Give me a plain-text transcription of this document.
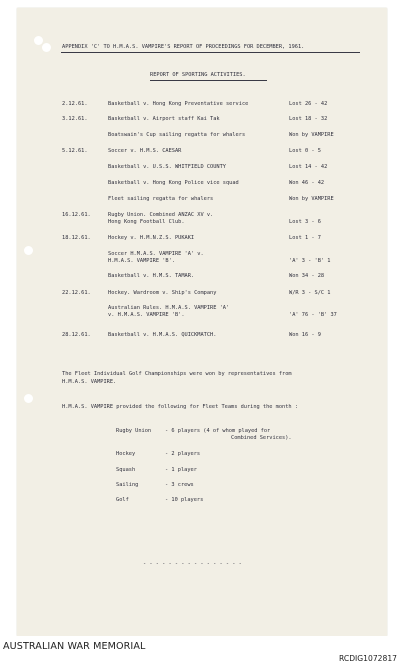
APPENDIX 'C' TO H.M.A.S. VAMPIRE'S REPORT OF PROCEEDINGS FOR DECEMBER, 1961.
REPORT OF SPORTING ACTIVITIES.
2.12.61.	Basketball v. Hong Kong Preventative service	Lost 26 - 42
3.12.61.	Basketball v. Airport staff Kai Tak	Lost 18 - 32
Boatswain's Cup sailing regatta for whalers	Won by VAMPIRE
5.12.61.	Soccer v. H.M.S. CAESAR	Lost 0 - 5
Basketball v. U.S.S. WHITFIELD COUNTY	Lost 14 - 42
Basketball v. Hong Kong Police vice squad	Won 46 - 42
Fleet sailing regatta for whalers	Won by VAMPIRE
16.12.61.	Rugby Union. Combined ANZAC XV v.
Hong Kong Football Club.	Lost 3 - 6
18.12.61.	Hockey v. H.M.N.Z.S. PUKAKI	Lost 1 - 7
Soccer H.M.A.S. VAMPIRE 'A' v.
H.M.A.S. VAMPIRE 'B'.	'A' 3 - 'B' 1
Basketball v. H.M.S. TAMAR.	Won 34 - 28
22.12.61.	Hockey. Wardroom v. Ship's Company	W/R 3 - S/C 1
Australian Rules. H.M.A.S. VAMPIRE 'A'
v. H.M.A.S. VAMPIRE 'B'.	'A' 76 - 'B' 37
28.12.61.	Basketball v. H.M.A.S. QUICKMATCH.	Won 16 - 9
The Fleet Individual Golf Championships were won by representatives from
H.M.A.S. VAMPIRE.
H.M.A.S. VAMPIRE provided the following for Fleet Teams during the month :
Rugby Union	- 6 players (4 of whom played for
Combined Services).
Hockey	- 2 players
Squash	- 1 player
Sailing	- 3 crews
Golf	- 10 players
- - - - - - - - - - - - - - - -
AUSTRALIAN WAR MEMORIAL
RCDIG1072817
